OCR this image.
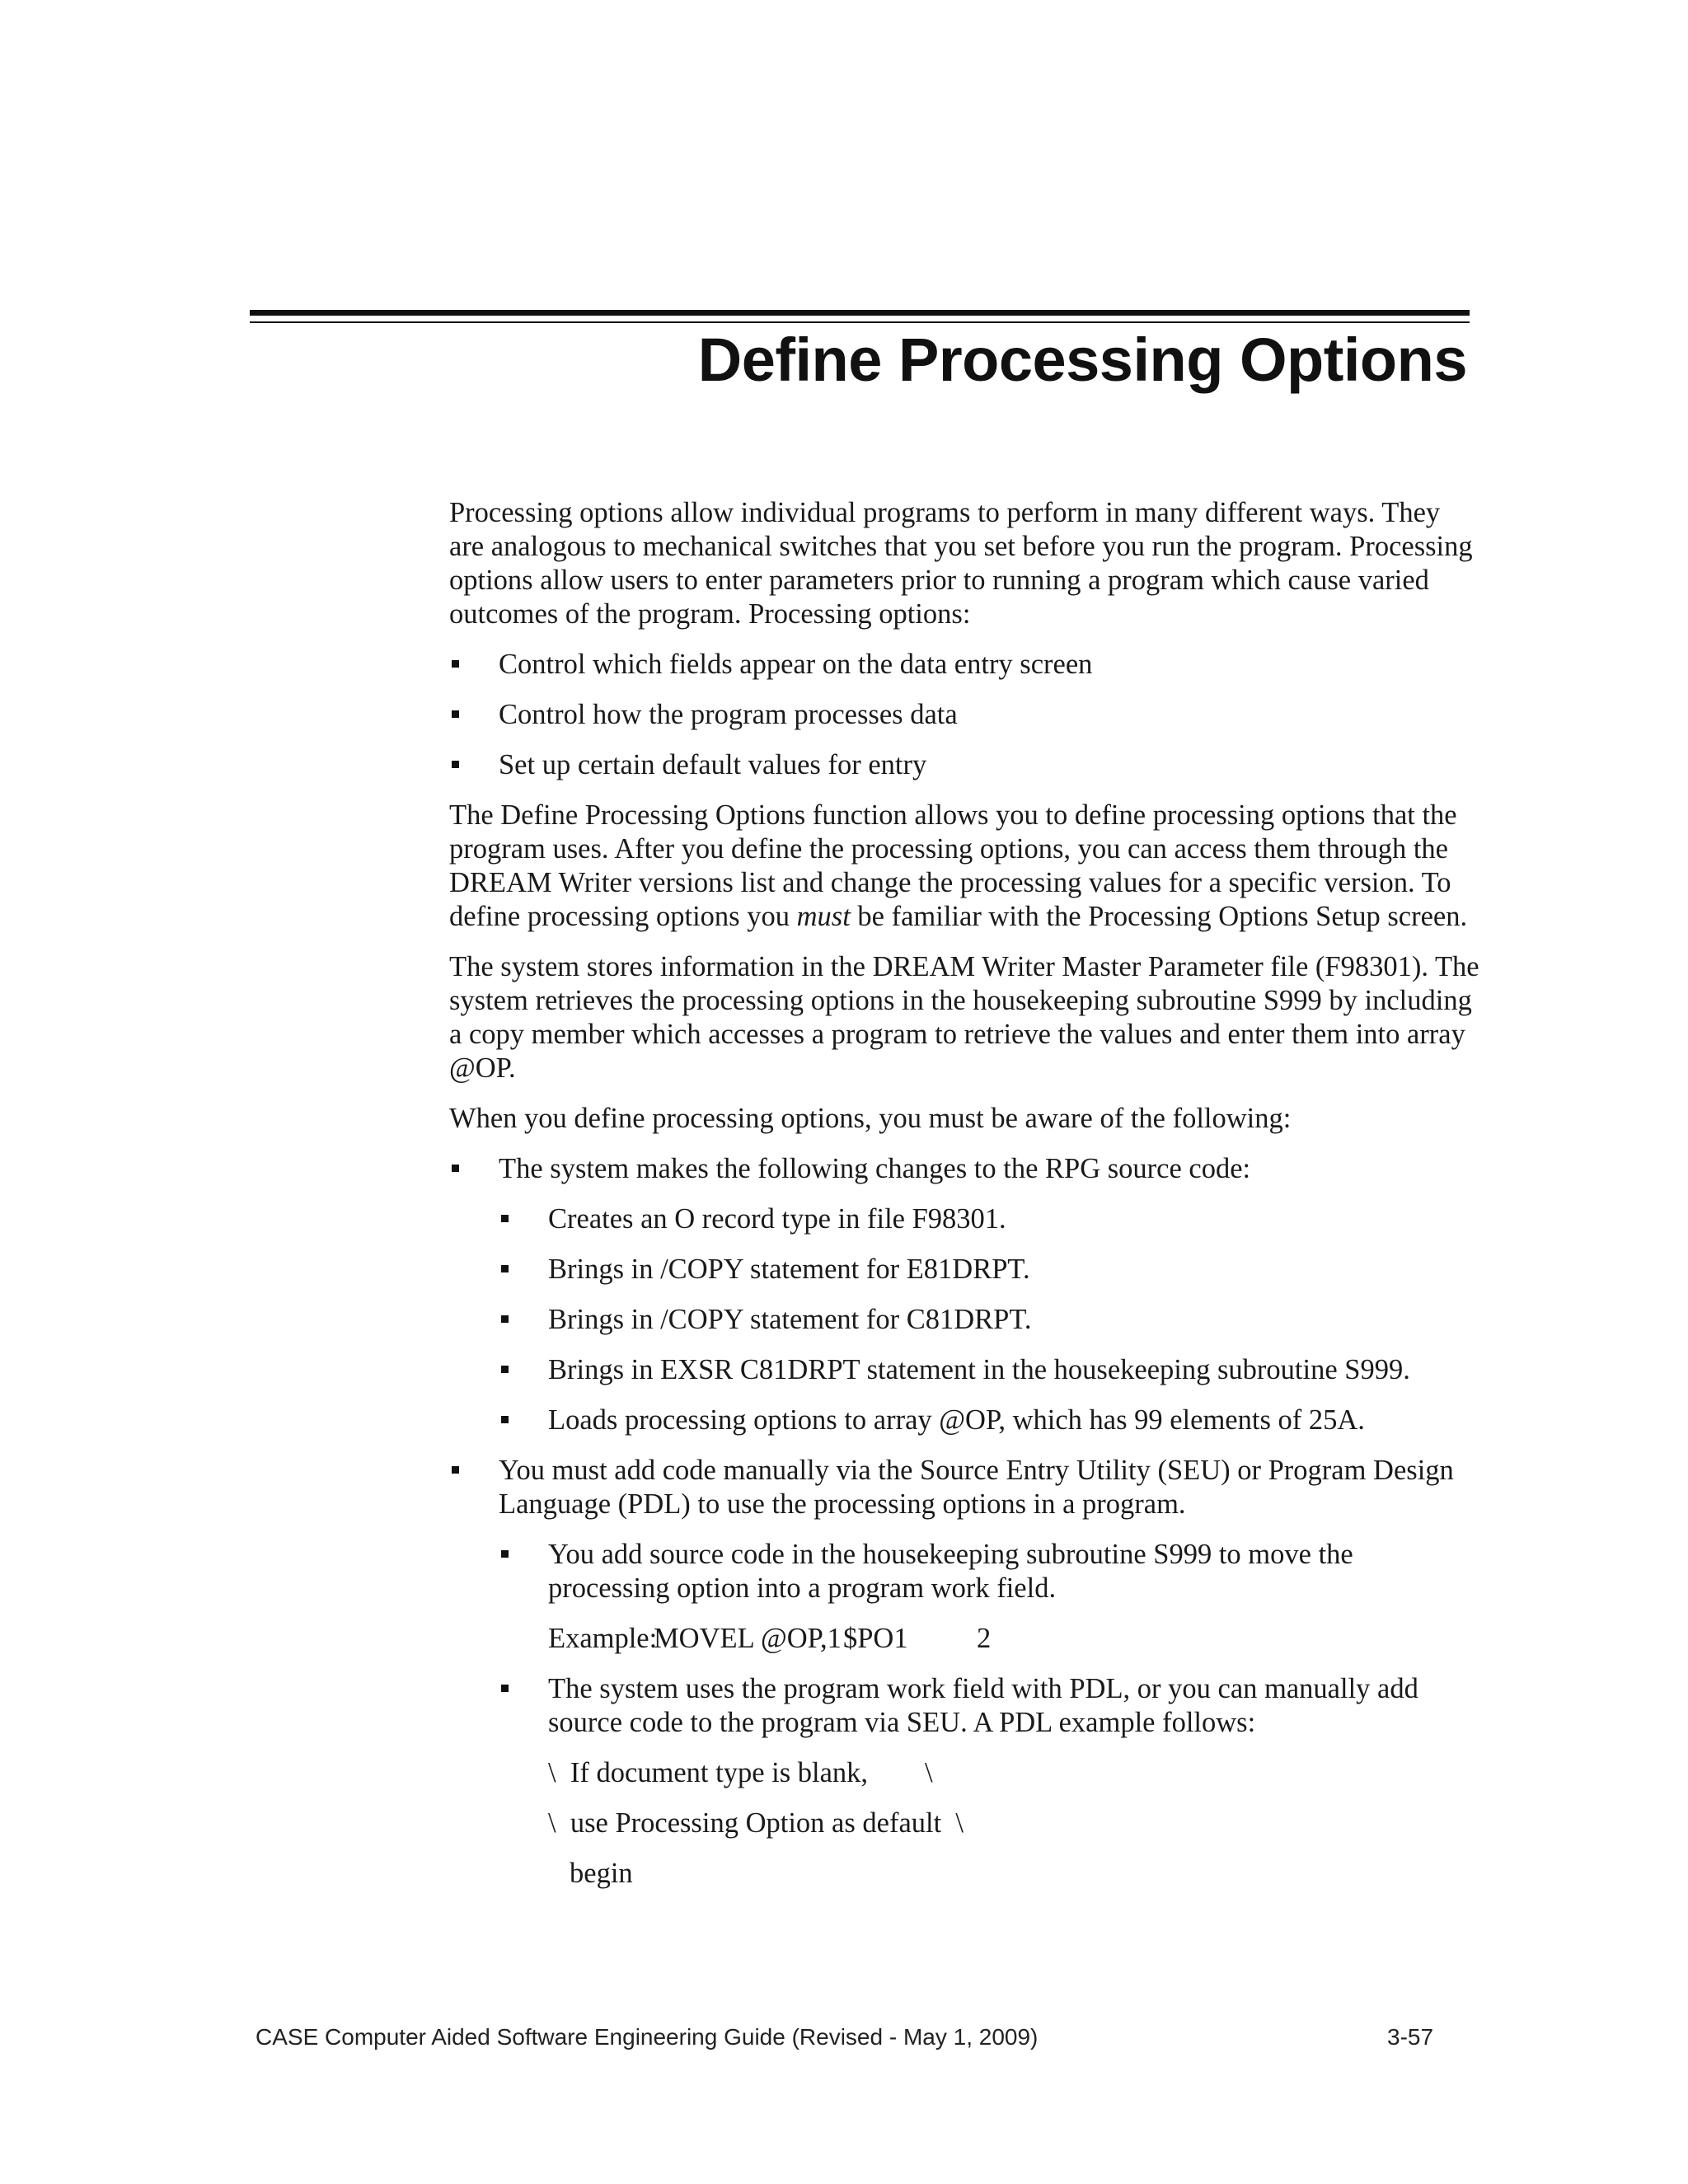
Define Processing Options

Processing options allow individual programs to perform in many different ways. They are analogous to mechanical switches that you set before you run the program. Processing options allow users to enter parameters prior to running a program which cause varied outcomes of the program. Processing options:

Control which fields appear on the data entry screen
Control how the program processes data
Set up certain default values for entry

The Define Processing Options function allows you to define processing options that the program uses. After you define the processing options, you can access them through the DREAM Writer versions list and change the processing values for a specific version. To define processing options you must be familiar with the Processing Options Setup screen.

The system stores information in the DREAM Writer Master Parameter file (F98301). The system retrieves the processing options in the housekeeping subroutine S999 by including a copy member which accesses a program to retrieve the values and enter them into array @OP.

When you define processing options, you must be aware of the following:

The system makes the following changes to the RPG source code:
Creates an O record type in file F98301.
Brings in /COPY statement for E81DRPT.
Brings in /COPY statement for C81DRPT.
Brings in EXSR C81DRPT statement in the housekeeping subroutine S999.
Loads processing options to array @OP, which has 99 elements of 25A.
You must add code manually via the Source Entry Utility (SEU) or Program Design Language (PDL) to use the processing options in a program.
You add source code in the housekeeping subroutine S999 to move the processing option into a program work field.
Example:MOVEL @OP,1$PO1 2
The system uses the program work field with PDL, or you can manually add source code to the program via SEU. A PDL example follows:
\  If document type is blank,        \
\  use Processing Option as default  \
begin
CASE Computer Aided Software Engineering Guide (Revised - May 1, 2009)	3-57
